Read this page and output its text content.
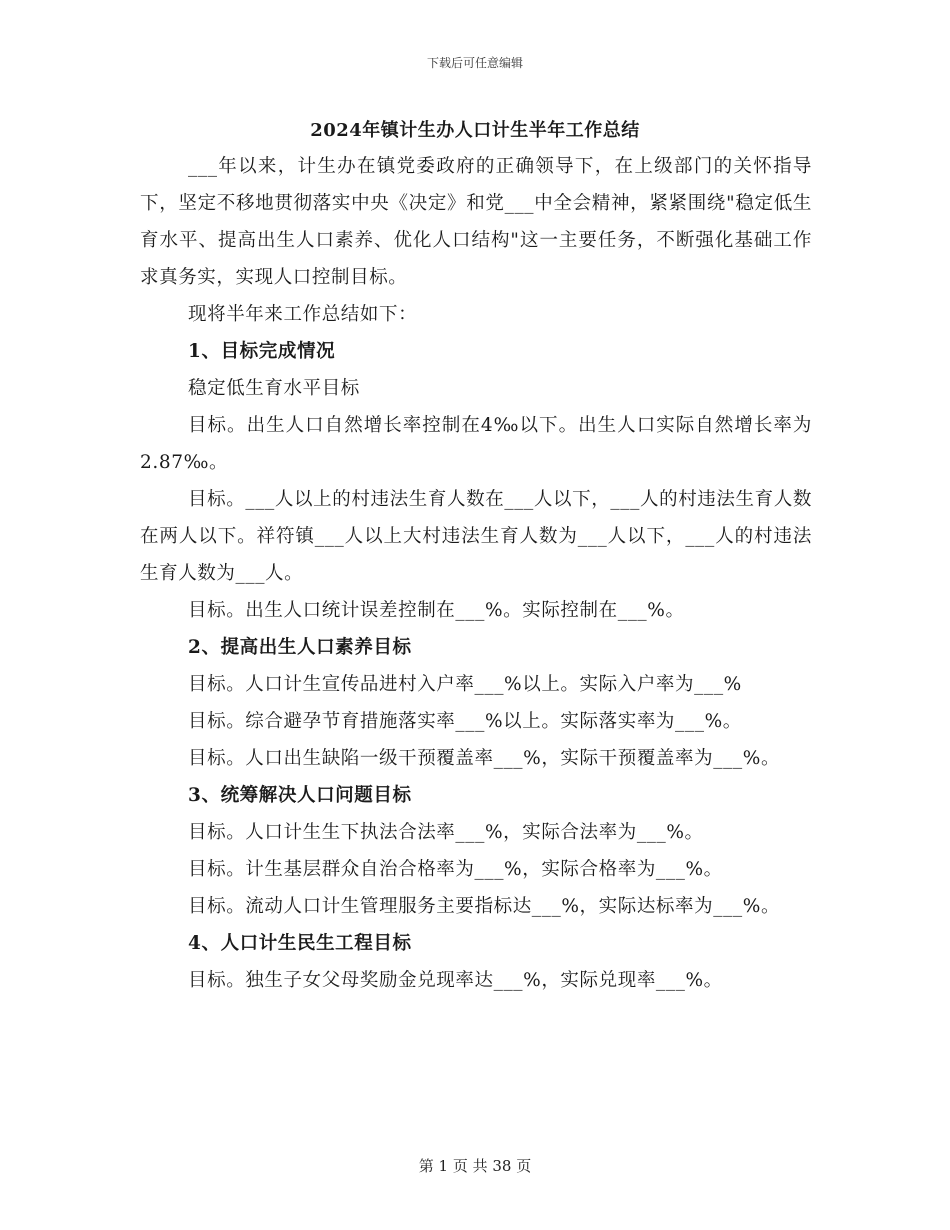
下载后可任意编辑
2024年镇计生办人口计生半年工作总结

___年以来，计生办在镇党委政府的正确领导下，在上级部门的关怀指导下，坚定不移地贯彻落实中央《决定》和党___中全会精神，紧紧围绕"稳定低生育水平、提高出生人口素养、优化人口结构"这一主要任务，不断强化基础工作求真务实，实现人口控制目标。

现将半年来工作总结如下：

1、目标完成情况

稳定低生育水平目标

目标。出生人口自然增长率控制在4‰以下。出生人口实际自然增长率为2.87‰。

目标。___人以上的村违法生育人数在___人以下，___人的村违法生育人数在两人以下。祥符镇___人以上大村违法生育人数为___人以下，___人的村违法生育人数为___人。

目标。出生人口统计误差控制在___%。实际控制在___%。

2、提高出生人口素养目标

目标。人口计生宣传品进村入户率___%以上。实际入户率为___%

目标。综合避孕节育措施落实率___%以上。实际落实率为___%。

目标。人口出生缺陷一级干预覆盖率___%，实际干预覆盖率为___%。

3、统筹解决人口问题目标

目标。人口计生生下执法合法率___%，实际合法率为___%。

目标。计生基层群众自治合格率为___%，实际合格率为___%。

目标。流动人口计生管理服务主要指标达___%，实际达标率为___%。

4、人口计生民生工程目标

目标。独生子女父母奖励金兑现率达___%，实际兑现率___%。

第 1 页 共 38 页
